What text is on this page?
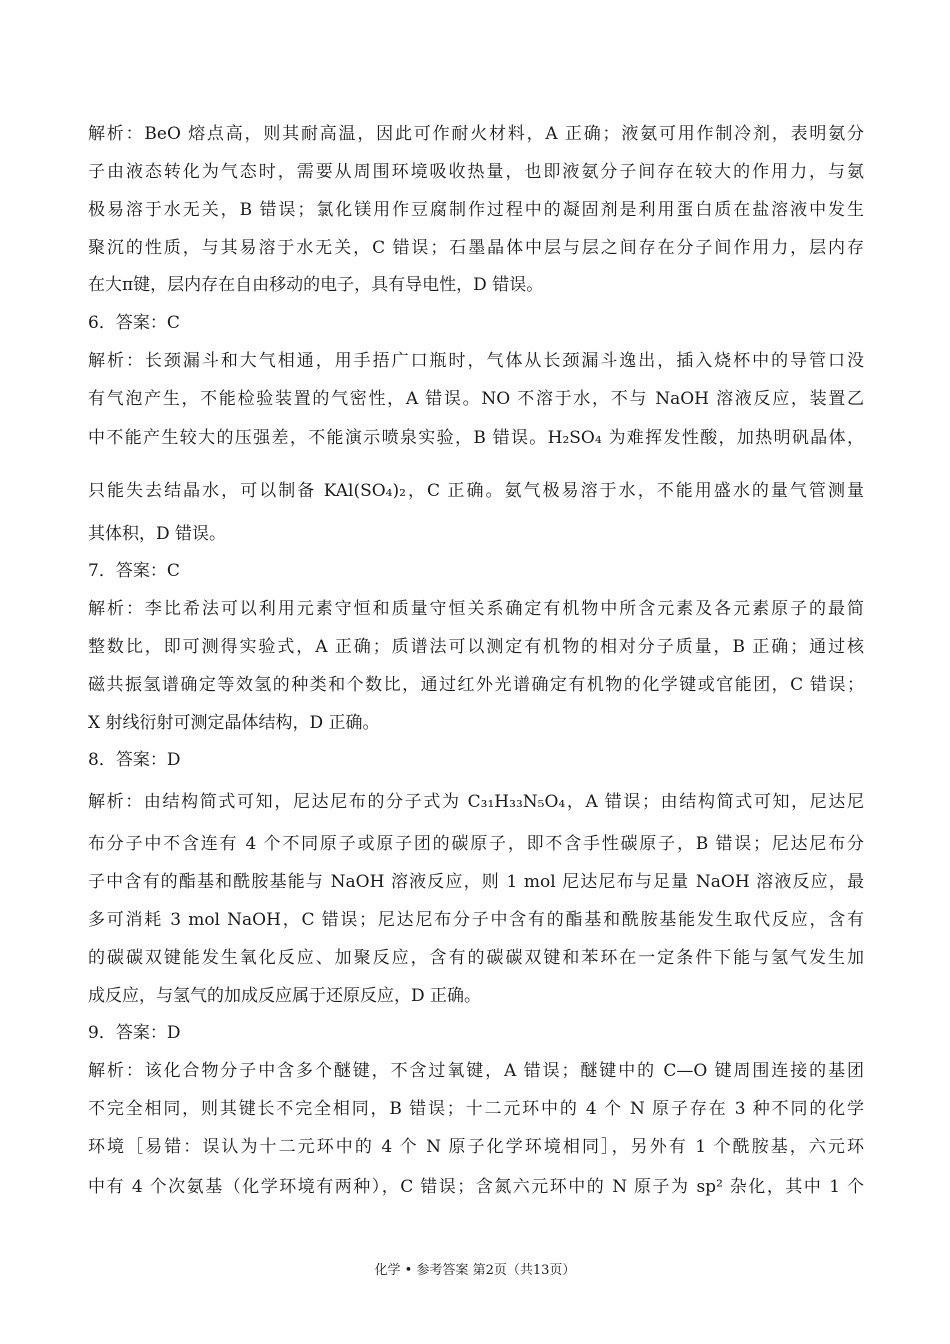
解析：BeO 熔点高，则其耐高温，因此可作耐火材料，A 正确；液氨可用作制冷剂，表明氨分
子由液态转化为气态时，需要从周围环境吸收热量，也即液氨分子间存在较大的作用力，与氨
极易溶于水无关，B 错误；氯化镁用作豆腐制作过程中的凝固剂是利用蛋白质在盐溶液中发生
聚沉的性质，与其易溶于水无关，C 错误；石墨晶体中层与层之间存在分子间作用力，层内存
在大π键，层内存在自由移动的电子，具有导电性，D 错误。
6．答案：C
解析：长颈漏斗和大气相通，用手捂广口瓶时，气体从长颈漏斗逸出，插入烧杯中的导管口没
有气泡产生，不能检验装置的气密性，A 错误。NO 不溶于水，不与 NaOH 溶液反应，装置乙
中不能产生较大的压强差，不能演示喷泉实验，B 错误。H₂SO₄ 为难挥发性酸，加热明矾晶体，
只能失去结晶水，可以制备 KAl(SO₄)₂，C 正确。氨气极易溶于水，不能用盛水的量气管测量
其体积，D 错误。
7．答案：C
解析：李比希法可以利用元素守恒和质量守恒关系确定有机物中所含元素及各元素原子的最简
整数比，即可测得实验式，A 正确；质谱法可以测定有机物的相对分子质量，B 正确；通过核
磁共振氢谱确定等效氢的种类和个数比，通过红外光谱确定有机物的化学键或官能团，C 错误；
X 射线衍射可测定晶体结构，D 正确。
8．答案：D
解析：由结构简式可知，尼达尼布的分子式为 C₃₁H₃₃N₅O₄，A 错误；由结构简式可知，尼达尼
布分子中不含连有 4 个不同原子或原子团的碳原子，即不含手性碳原子，B 错误；尼达尼布分
子中含有的酯基和酰胺基能与 NaOH 溶液反应，则 1 mol 尼达尼布与足量 NaOH 溶液反应，最
多可消耗 3 mol NaOH，C 错误；尼达尼布分子中含有的酯基和酰胺基能发生取代反应，含有
的碳碳双键能发生氧化反应、加聚反应，含有的碳碳双键和苯环在一定条件下能与氢气发生加
成反应，与氢气的加成反应属于还原反应，D 正确。
9．答案：D
解析：该化合物分子中含多个醚键，不含过氧键，A 错误；醚键中的 C—O 键周围连接的基团
不完全相同，则其键长不完全相同，B 错误；十二元环中的 4 个 N 原子存在 3 种不同的化学
环境［易错：误认为十二元环中的 4 个 N 原子化学环境相同］，另外有 1 个酰胺基，六元环
中有 4 个次氨基（化学环境有两种），C 错误；含氮六元环中的 N 原子为 sp² 杂化，其中 1 个
化学 • 参考答案 第2页（共13页）
